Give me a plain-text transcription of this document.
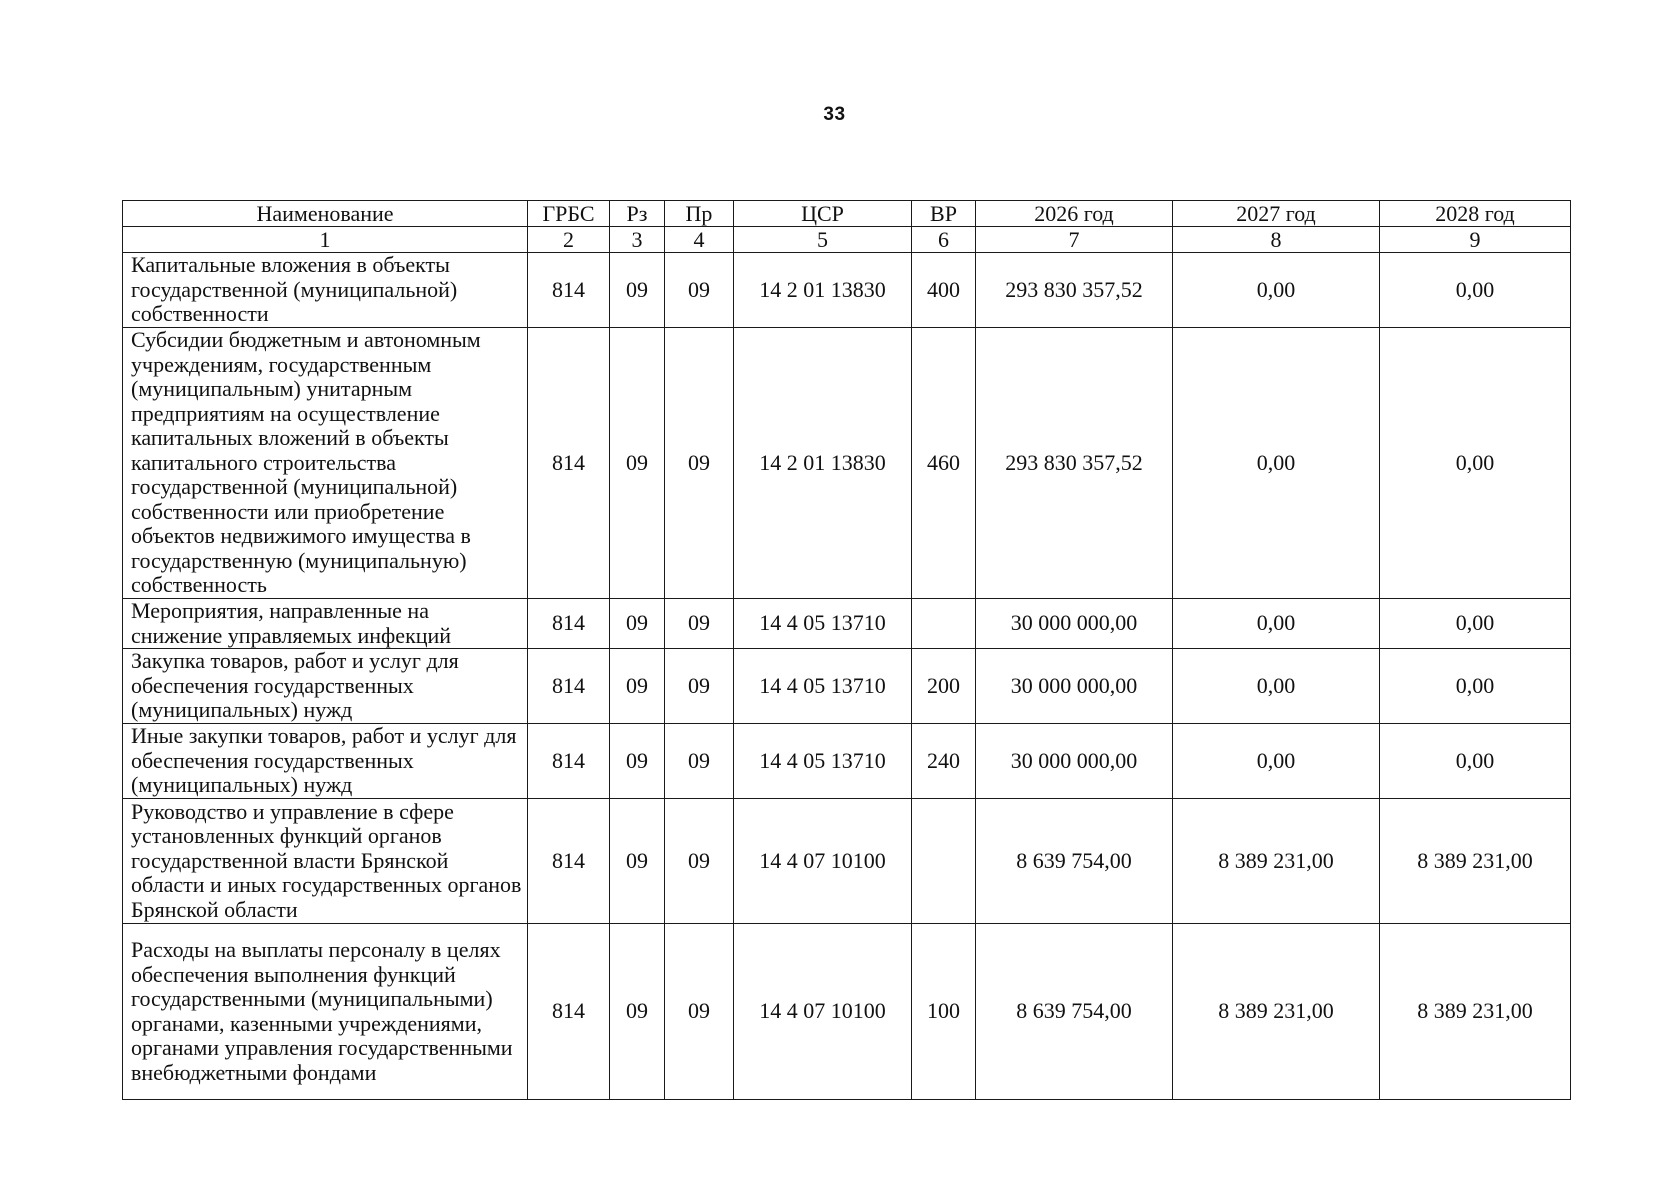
33
Наименование	ГРБС	Рз	Пр	ЦСР	ВР	2026 год	2027 год	2028 год
1	2	3	4	5	6	7	8	9
Капитальные вложения в объекты государственной (муниципальной) собственности	814	09	09	14 2 01 13830	400	293 830 357,52	0,00	0,00
Субсидии бюджетным и автономным учреждениям, государственным (муниципальным) унитарным предприятиям на осуществление капитальных вложений в объекты капитального строительства государственной (муниципальной) собственности или приобретение объектов недвижимого имущества в государственную (муниципальную) собственность	814	09	09	14 2 01 13830	460	293 830 357,52	0,00	0,00
Мероприятия, направленные на снижение управляемых инфекций	814	09	09	14 4 05 13710		30 000 000,00	0,00	0,00
Закупка товаров, работ и услуг для обеспечения государственных (муниципальных) нужд	814	09	09	14 4 05 13710	200	30 000 000,00	0,00	0,00
Иные закупки товаров, работ и услуг для обеспечения государственных (муниципальных) нужд	814	09	09	14 4 05 13710	240	30 000 000,00	0,00	0,00
Руководство и управление в сфере установленных функций органов государственной власти Брянской области и иных государственных органов Брянской области	814	09	09	14 4 07 10100		8 639 754,00	8 389 231,00	8 389 231,00
Расходы на выплаты персоналу в целях обеспечения выполнения функций государственными (муниципальными) органами, казенными учреждениями, органами управления государственными внебюджетными фондами	814	09	09	14 4 07 10100	100	8 639 754,00	8 389 231,00	8 389 231,00
